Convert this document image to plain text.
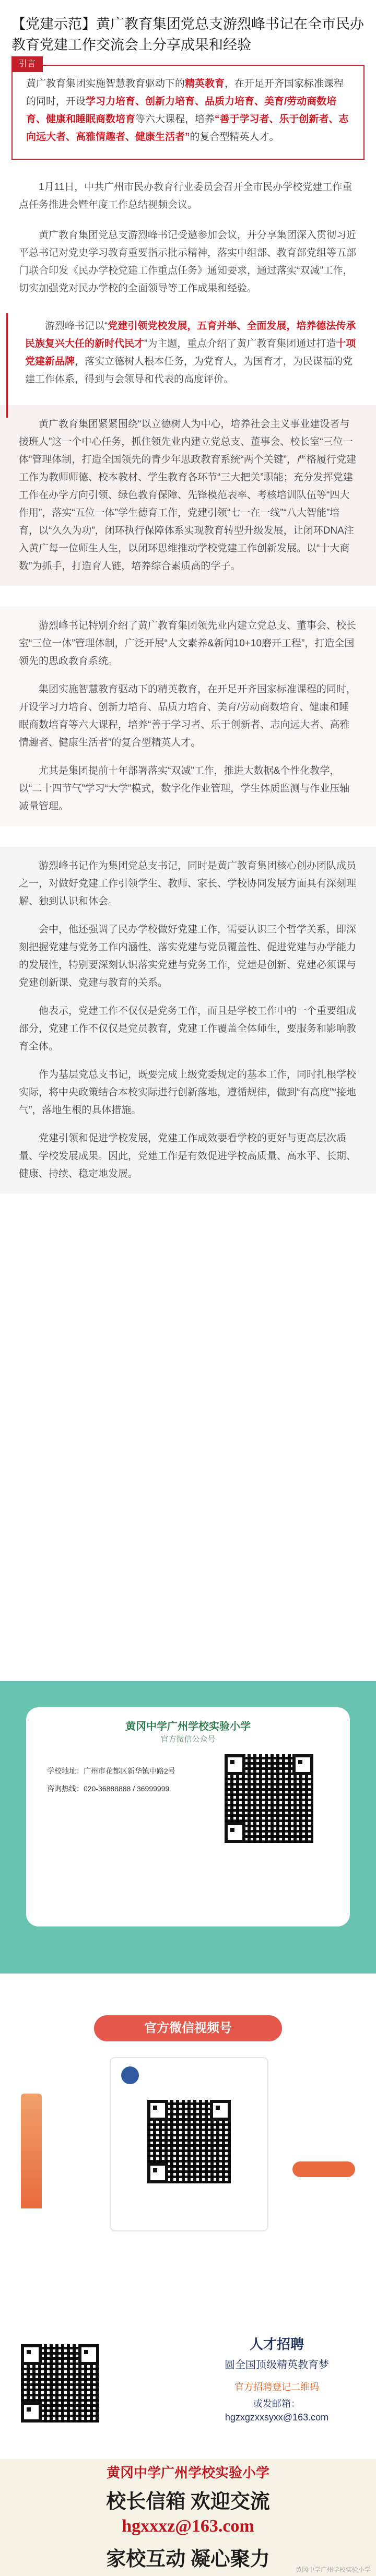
【党建示范】黄广教育集团党总支游烈峰书记在全市民办教育党建工作交流会上分享成果和经验
引言
黄广教育集团实施智慧教育驱动下的精英教育，在开足开齐国家标准课程的同时，开设学习力培育、创新力培育、品质力培育、美育/劳动商数培育、健康和睡眠商数培育等六大课程，培养“善于学习者、乐于创新者、志向远大者、高雅情趣者、健康生活者”的复合型精英人才。

1月11日，中共广州市民办教育行业委员会召开全市民办学校党建工作重点任务推进会暨年度工作总结视频会议。

黄广教育集团党总支游烈峰书记受邀参加会议，并分享集团深入贯彻习近平总书记对党史学习教育重要指示批示精神，落实中组部、教育部党组等五部门联合印发《民办学校党建工作重点任务》通知要求，通过落实“双减”工作，切实加强党对民办学校的全面领导等工作成果和经验。

游烈峰书记以“党建引领党校发展，五育并举、全面发展，培养德法传承民族复兴大任的新时代民才”为主题，重点介绍了黄广教育集团通过打造十项党建新品牌，落实立德树人根本任务，为党育人，为国育才，为民谋福的党建工作体系，得到与会领导和代表的高度评价。

黄广教育集团紧紧围绕“以立德树人为中心，培养社会主义事业建设者与接班人”这一个中心任务，抓住领先业内建立党总支、董事会、校长室“三位一体”管理体制，打造全国领先的青少年思政教育系统“两个关键”，严格履行党建工作为教师师德、校本教材、学生教育各环节“三大把关”职能；充分发挥党建工作在办学方向引领、绿色教育保障、先锋模范表率、考核培训队伍等“四大作用”，落实“五位一体”学生德育工作，党建引领“七一在一线”“八大智能”培育，以“久久为功”，闭环执行保障体系实现教育转型升级发展，让闭环DNA注入黄广每一位师生人生，以闭环思维推动学校党建工作创新发展。以“十大商数”为抓手，打造育人链，培养综合素质高的学子。

游烈峰书记特别介绍了黄广教育集团领先业内建立党总支、董事会、校长室“三位一体”管理体制，广泛开展“人文素养&新闻10+10磨开工程”，打造全国领先的思政教育系统。

集团实施智慧教育驱动下的精英教育，在开足开齐国家标准课程的同时，开设学习力培育、创新力培育、品质力培育、美育/劳动商数培育、健康和睡眠商数培育等六大课程，培养“善于学习者、乐于创新者、志向远大者、高雅情趣者、健康生活者”的复合型精英人才。

尤其是集团提前十年部署落实“双减”工作，推进大数据&个性化教学，以“二十四节气”学习“大学”模式，数字化作业管理，学生体质监测与作业压轴减量管理。

游烈峰书记作为集团党总支书记，同时是黄广教育集团核心创办团队成员之一，对做好党建工作引领学生、教师、家长、学校协同发展方面具有深刻理解、独到认识和体会。

会中，他还强调了民办学校做好党建工作，需要认识三个哲学关系，即深刻把握党建与党务工作内涵性、落实党建与党员覆盖性、促进党建与办学能力的发展性，特别要深刻认识落实党建与党务工作，党建是创新、党建必须课与党建创新课、党建与教育的关系。

他表示，党建工作不仅仅是党务工作，而且是学校工作中的一个重要组成部分，党建工作不仅仅是党员教育，党建工作覆盖全体师生，要服务和影响教育全体。

作为基层党总支书记，既要完成上级党委规定的基本工作，同时扎根学校实际，将中央政策结合本校实际进行创新落地，遵循规律，做到“有高度”“接地气”，落地生根的具体措施。

党建引领和促进学校发展，党建工作成效要看学校的更好与更高层次质量、学校发展成果。因此，党建工作是有效促进学校高质量、高水平、长期、健康、持续、稳定地发展。

黄冈中学广州学校实验小学
官方微信公众号
学校地址：广州市花都区新华镇中路2号
咨询热线：020-36888888 / 36999999
官方微信视频号
人才招聘
圆全国顶级精英教育梦
官方招聘登记二维码
或发邮箱：
hgzxgzxxsyxx@163.com
黄冈中学广州学校实验小学
校长信箱 欢迎交流
hgxxxz@163.com
家校互动 凝心聚力	黄冈中学广州学校实验小学
